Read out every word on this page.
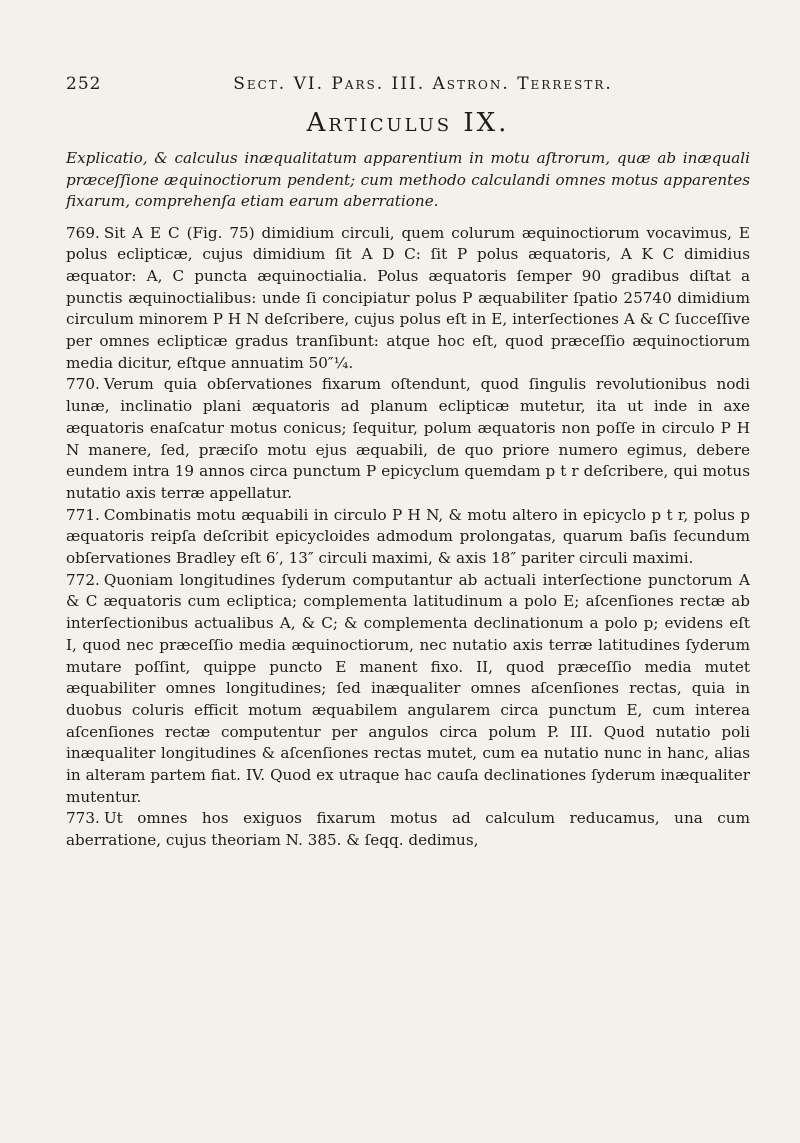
252	Sect. VI. Pars. III. Astron. Terrestr.
Articulus IX.

Explicatio, & calculus inæqualitatum apparentium in motu aſtrorum, quæ ab inæquali præceſſione æquinoctiorum pendent; cum methodo calculandi omnes motus apparentes fixarum, comprehenſa etiam earum aberratione.

769. Sit A E C (Fig. 75) dimidium circuli, quem colurum æquinoctiorum vocavimus, E polus eclipticæ, cujus dimidium ſit A D C: ſit P polus æquatoris, A K C dimidius æquator: A, C puncta æquinoctialia. Polus æquatoris ſemper 90 gradibus diſtat a punctis æquinoctialibus: unde ſi concipiatur polus P æquabiliter ſpatio 25740 dimidium circulum minorem P H N deſcribere, cujus polus eſt in E, interſectiones A & C ſucceſſive per omnes eclipticæ gradus tranſibunt: atque hoc eſt, quod præceſſio æquinoctiorum media dicitur, eſtque annuatim 50″¼.

770. Verum quia obſervationes fixarum oſtendunt, quod ſingulis revolutionibus nodi lunæ, inclinatio plani æquatoris ad planum eclipticæ mutetur, ita ut inde in axe æquatoris enaſcatur motus conicus; ſequitur, polum æquatoris non poſſe in circulo P H N manere, ſed, præciſo motu ejus æquabili, de quo priore numero egimus, debere eundem intra 19 annos circa punctum P epicyclum quemdam p t r deſcribere, qui motus nutatio axis terræ appellatur.

771. Combinatis motu æquabili in circulo P H N, & motu altero in epicyclo p t r, polus p æquatoris reipſa deſcribit epicycloides admodum prolongatas, quarum baſis ſecundum obſervationes Bradley eſt 6′, 13″ circuli maximi, & axis 18″ pariter circuli maximi.

772. Quoniam longitudines ſyderum computantur ab actuali interſectione punctorum A & C æquatoris cum ecliptica; complementa latitudinum a polo E; aſcenſiones rectæ ab interſectionibus actualibus A, & C; & complementa declinationum a polo p; evidens eſt I, quod nec præceſſio media æquinoctiorum, nec nutatio axis terræ latitudines ſyderum mutare poſſint, quippe puncto E manent fixo. II, quod præceſſio media mutet æquabiliter omnes longitudines; ſed inæqualiter omnes aſcenſiones rectas, quia in duobus coluris efficit motum æquabilem angularem circa punctum E, cum interea aſcenſiones rectæ computentur per angulos circa polum P. III. Quod nutatio poli inæqualiter longitudines & aſcenſiones rectas mutet, cum ea nutatio nunc in hanc, alias in alteram partem fiat. IV. Quod ex utraque hac cauſa declinationes ſyderum inæqualiter mutentur.

773. Ut omnes hos exiguos fixarum motus ad calculum reducamus, una cum aberratione, cujus theoriam N. 385. & ſeqq. dedimus,
